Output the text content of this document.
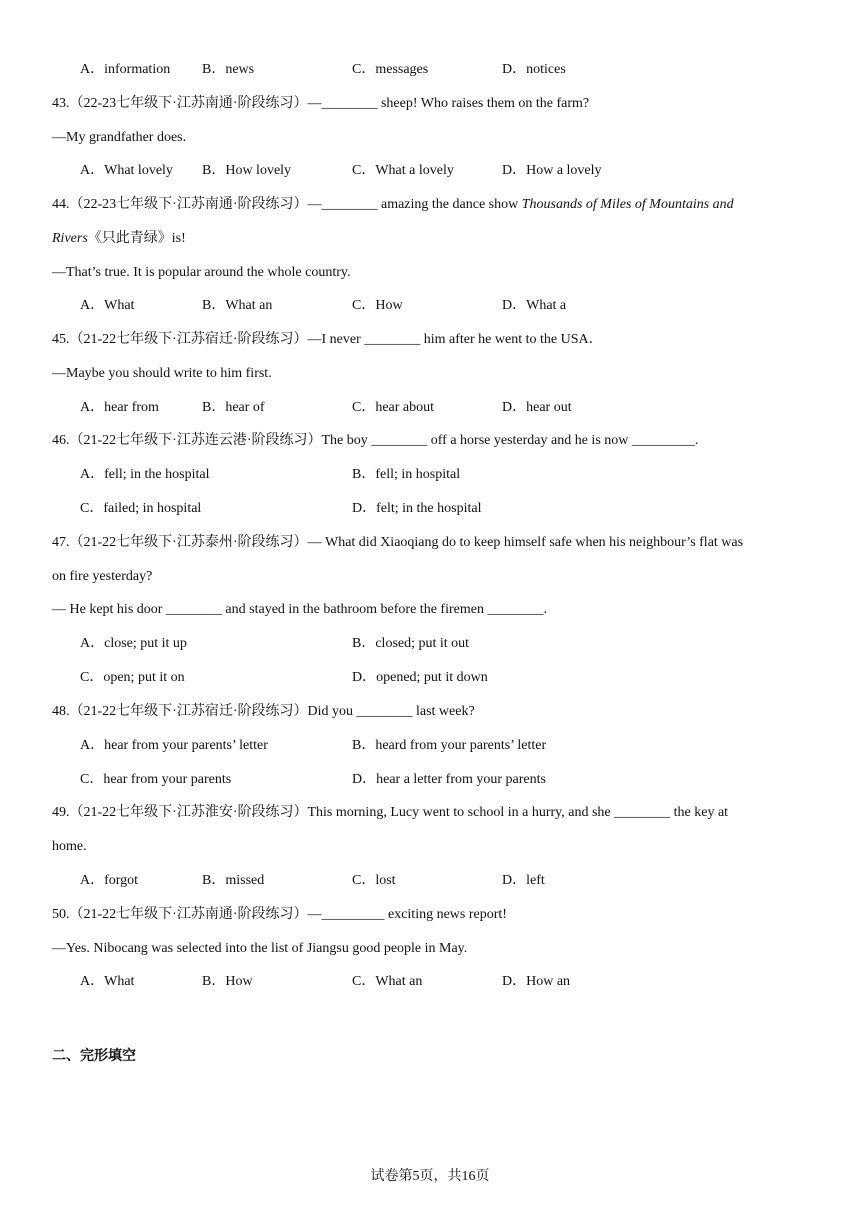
A．information B．news	C．messages	D．notices
43.（22-23七年级下·江苏南通·阶段练习）—________ sheep! Who raises them on the farm?
—My grandfather does.
A．What lovely B．How lovely	C．What a lovely	D．How a lovely
44.（22-23七年级下·江苏南通·阶段练习）—________ amazing the dance show Thousands of Miles of Mountains and
Rivers《只此青绿》is!
—That’s true. It is popular around the whole country.
A．What	B．What an	C．How	D．What a
45.（21-22七年级下·江苏宿迁·阶段练习）—I never ________ him after he went to the USA．
—Maybe you should write to him first.
A．hear from	B．hear of	C．hear about	D．hear out
46.（21-22七年级下·江苏连云港·阶段练习）The boy ________ off a horse yesterday and he is now _________.
A．fell; in the hospital	B．fell; in hospital
C．failed; in hospital	D．felt; in the hospital
47.（21-22七年级下·江苏泰州·阶段练习）— What did Xiaoqiang do to keep himself safe when his neighbour’s flat was
on fire yesterday?
— He kept his door ________ and stayed in the bathroom before the firemen ________.
A．close; put it up	B．closed; put it out
C．open; put it on	D．opened; put it down
48.（21-22七年级下·江苏宿迁·阶段练习）Did you ________ last week?
A．hear from your parents’ letter	B．heard from your parents’ letter
C．hear from your parents	D．hear a letter from your parents
49.（21-22七年级下·江苏淮安·阶段练习）This morning, Lucy went to school in a hurry, and she ________ the key at
home.
A．forgot	B．missed	C．lost	D．left
50.（21-22七年级下·江苏南通·阶段练习）—_________ exciting news report!
—Yes. Nibocang was selected into the list of Jiangsu good people in May.
A．What	B．How	C．What an	D．How an
二、完形填空
试卷第5页，共16页
